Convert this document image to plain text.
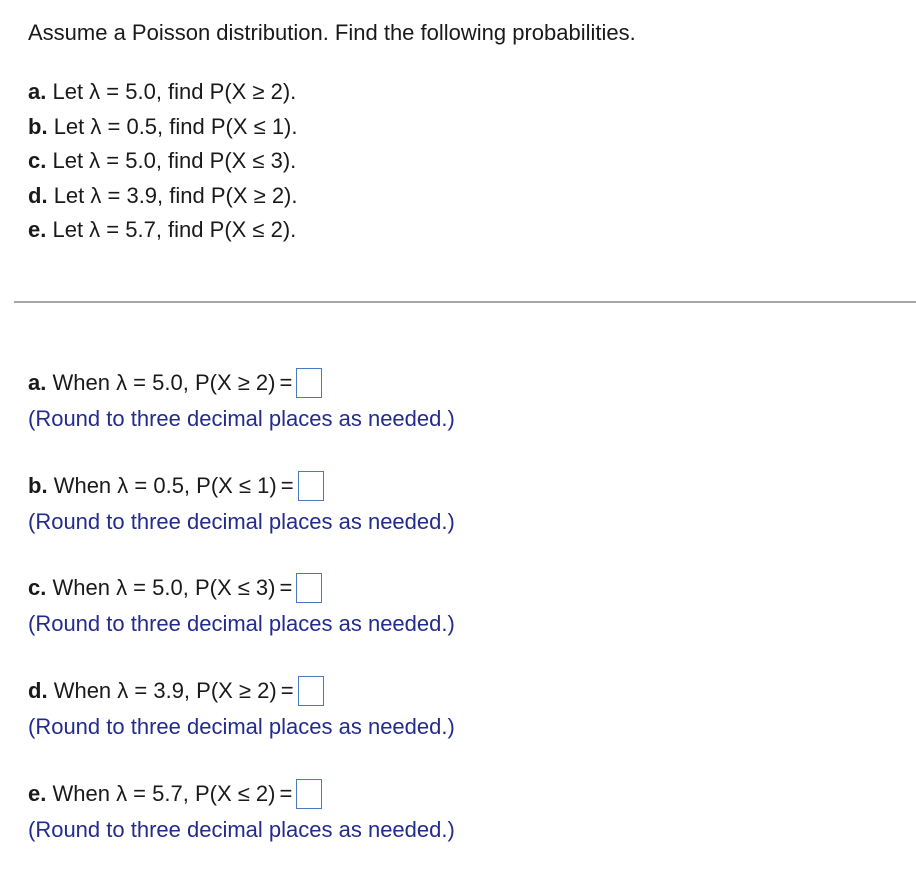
Assume a Poisson distribution. Find the following probabilities.
a. Let λ = 5.0, find P(X ≥ 2).
b. Let λ = 0.5, find P(X ≤ 1).
c. Let λ = 5.0, find P(X ≤ 3).
d. Let λ = 3.9, find P(X ≥ 2).
e. Let λ = 5.7, find P(X ≤ 2).
a.
When λ = 5.0, P(X ≥ 2) =
(Round to three decimal places as needed.)
b.
When λ = 0.5, P(X ≤ 1) =
(Round to three decimal places as needed.)
c.
When λ = 5.0, P(X ≤ 3) =
(Round to three decimal places as needed.)
d.
When λ = 3.9, P(X ≥ 2) =
(Round to three decimal places as needed.)
e.
When λ = 5.7, P(X ≤ 2) =
(Round to three decimal places as needed.)
